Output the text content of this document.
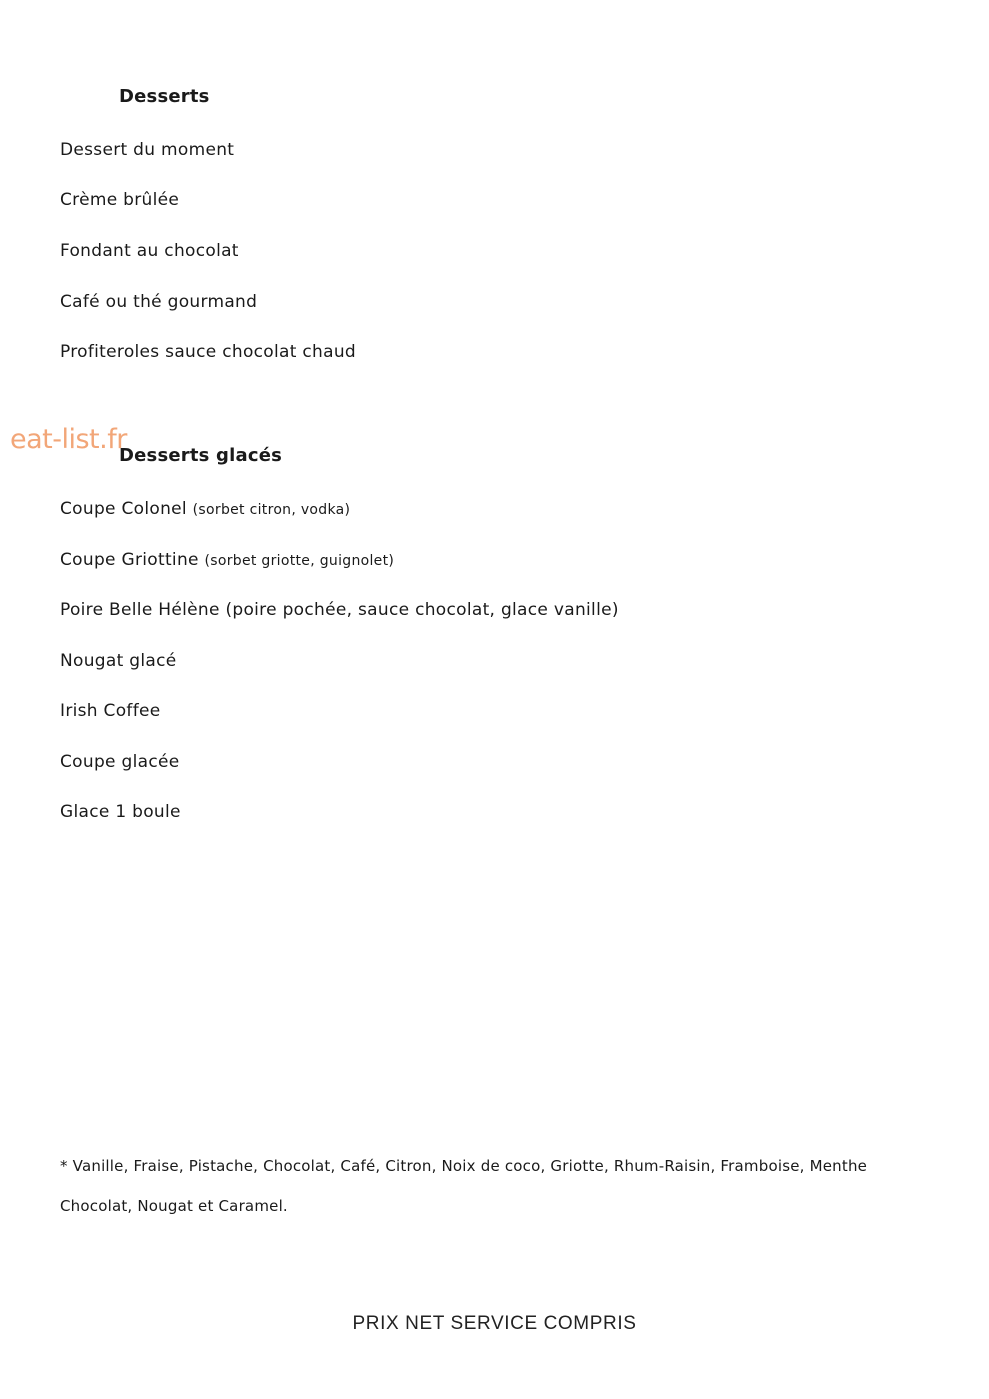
Desserts
Dessert du moment
Crème brûlée
Fondant au chocolat
Café ou thé gourmand
Profiteroles sauce chocolat chaud
eat-list.fr
Desserts glacés
Coupe Colonel (sorbet citron, vodka)
Coupe Griottine (sorbet griotte, guignolet)
Poire Belle Hélène (poire pochée, sauce chocolat, glace vanille)
Nougat glacé
Irish Coffee
Coupe glacée
Glace 1 boule
* Vanille, Fraise, Pistache, Chocolat, Café, Citron, Noix de coco, Griotte, Rhum-Raisin, Framboise, Menthe
Chocolat, Nougat et Caramel.
PRIX NET SERVICE COMPRIS
